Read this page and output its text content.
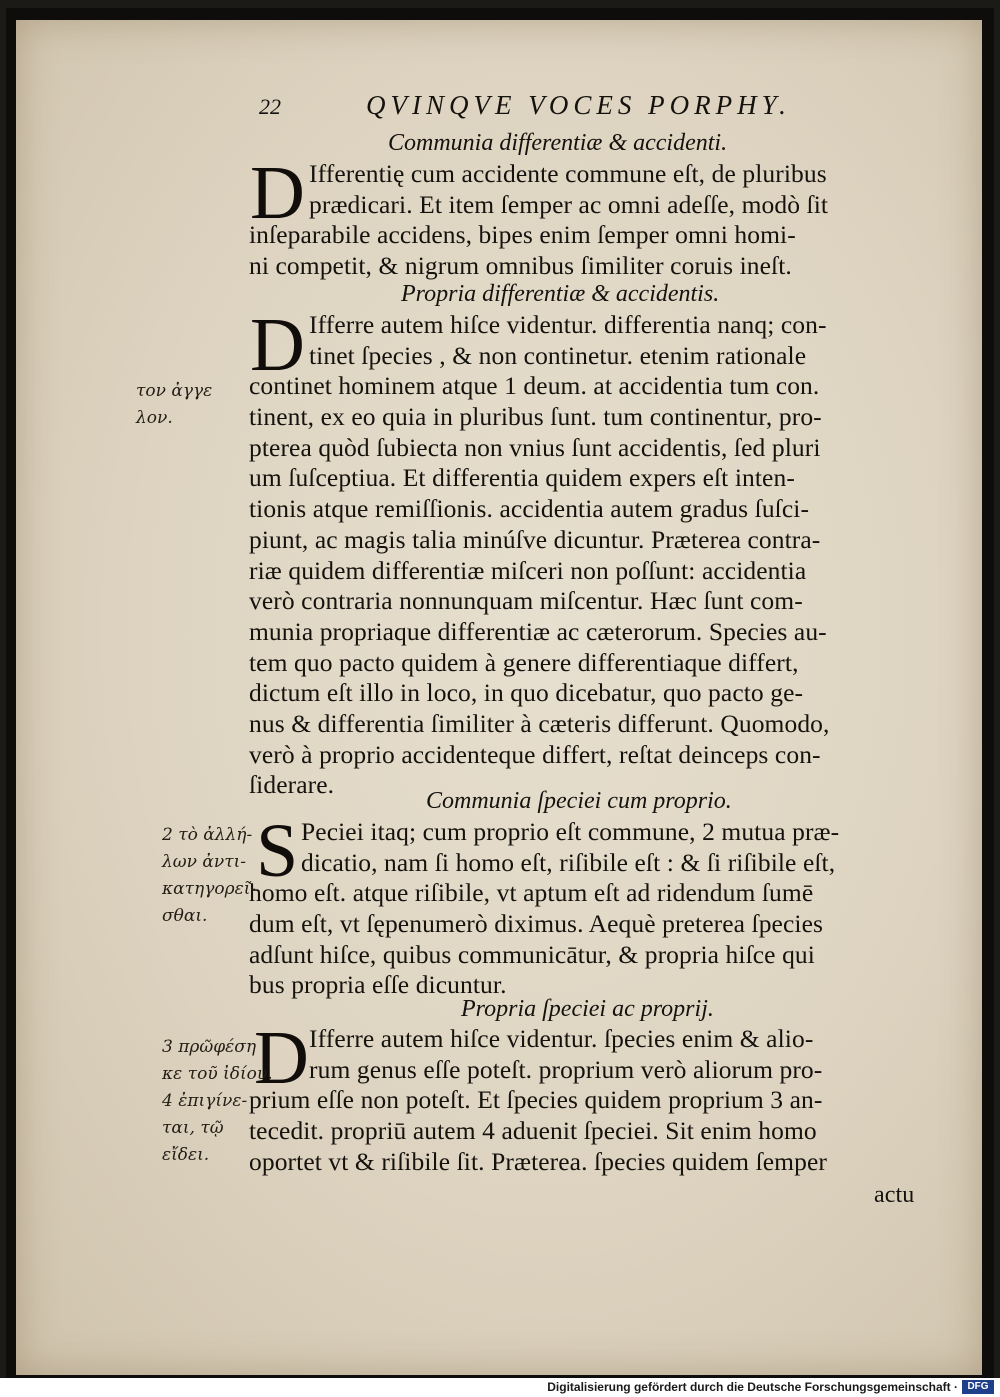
22	QVINQVE VOCES PORPHY.
Communia differentiæ & accidenti.
D Ifferentię cum accidente commune eſt, de pluribus
prædicari. Et item ſemper ac omni adeſſe, modò ſit
inſeparabile accidens, bipes enim ſemper omni homi-
ni competit, & nigrum omnibus ſimiliter coruis ineſt.
Propria differentiæ & accidentis.
D Ifferre autem hiſce videntur. differentia nanq; con-
tinet ſpecies , & non continetur. etenim rationale
continet hominem atque 1 deum. at accidentia tum con.
tinent, ex eo quia in pluribus ſunt. tum continentur, pro-
pterea quòd ſubiecta non vnius ſunt accidentis, ſed pluri
um ſuſceptiua. Et differentia quidem expers eſt inten-
tionis atque remiſſionis. accidentia autem gradus ſuſci-
piunt, ac magis talia minúſve dicuntur. Præterea contra-
riæ quidem differentiæ miſceri non poſſunt: accidentia
verò contraria nonnunquam miſcentur. Hæc ſunt com-
munia propriaque differentiæ ac cæterorum. Species au-
tem quo pacto quidem à genere differentiaque differt,
dictum eſt illo in loco, in quo dicebatur, quo pacto ge-
nus & differentia ſimiliter à cæteris differunt. Quomodo,
verò à proprio accidenteque differt, reſtat deinceps con-
ſiderare.
τον ἀγγε
λον.
Communia ſpeciei cum proprio.
S Peciei itaq; cum proprio eſt commune, 2 mutua præ-
dicatio, nam ſi homo eſt, riſibile eſt : & ſi riſibile eſt,
homo eſt. atque riſibile, vt aptum eſt ad ridendum ſumē
dum eſt, vt ſępenumerò diximus. Aequè preterea ſpecies
adſunt hiſce, quibus communicātur, & propria hiſce qui
bus propria eſſe dicuntur.
2 τὸ ἀλλή-
λων ἀντι-
κατηγορεῖ-
σθαι.
Propria ſpeciei ac proprij.
D Ifferre autem hiſce videntur. ſpecies enim & alio-
rum genus eſſe poteſt. proprium verò aliorum pro-
prium eſſe non poteſt. Et ſpecies quidem proprium 3 an-
tecedit. propriū autem 4 aduenit ſpeciei. Sit enim homo
oportet vt & riſibile ſit. Præterea. ſpecies quidem ſemper
3 πρῶφέση
κε τοῦ ἰδίου.
4 ἐπιγίνε-
ται, τῷ
εἴδει.
actu
Digitalisierung gefördert durch die Deutsche Forschungsgemeinschaft · DFG
